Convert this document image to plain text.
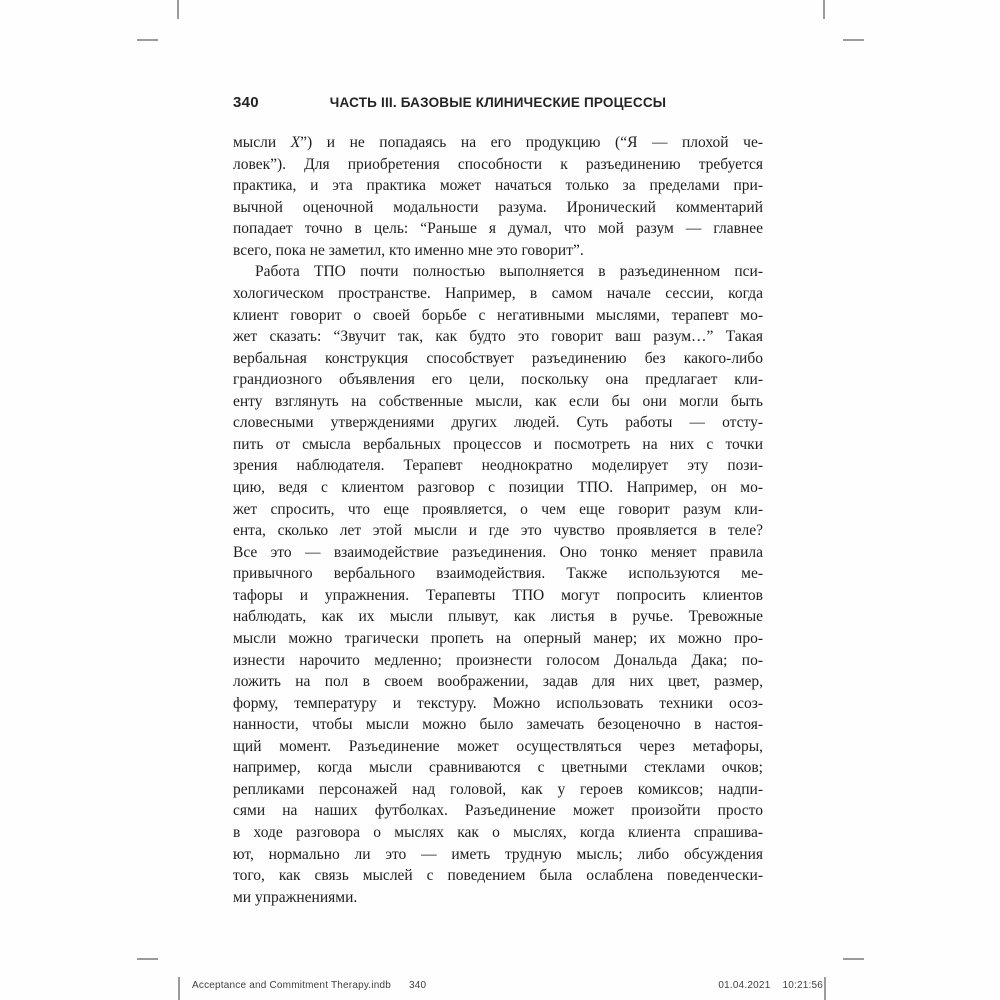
340	ЧАСТЬ III. БАЗОВЫЕ КЛИНИЧЕСКИЕ ПРОЦЕССЫ
мысли X”) и не попадаясь на его продукцию (“Я — плохой че-
ловек”). Для приобретения способности к разъединению требуется
практика, и эта практика может начаться только за пределами при-
вычной оценочной модальности разума. Иронический комментарий
попадает точно в цель: “Раньше я думал, что мой разум — главнее
всего, пока не заметил, кто именно мне это говорит”.
Работа ТПО почти полностью выполняется в разъединенном пси-
хологическом пространстве. Например, в самом начале сессии, когда
клиент говорит о своей борьбе с негативными мыслями, терапевт мо-
жет сказать: “Звучит так, как будто это говорит ваш разум…” Такая
вербальная конструкция способствует разъединению без какого-либо
грандиозного объявления его цели, поскольку она предлагает кли-
енту взглянуть на собственные мысли, как если бы они могли быть
словесными утверждениями других людей. Суть работы — отсту-
пить от смысла вербальных процессов и посмотреть на них с точки
зрения наблюдателя. Терапевт неоднократно моделирует эту пози-
цию, ведя с клиентом разговор с позиции ТПО. Например, он мо-
жет спросить, что еще проявляется, о чем еще говорит разум кли-
ента, сколько лет этой мысли и где это чувство проявляется в теле?
Все это — взаимодействие разъединения. Оно тонко меняет правила
привычного вербального взаимодействия. Также используются ме-
тафоры и упражнения. Терапевты ТПО могут попросить клиентов
наблюдать, как их мысли плывут, как листья в ручье. Тревожные
мысли можно трагически пропеть на оперный манер; их можно про-
изнести нарочито медленно; произнести голосом Дональда Дака; по-
ложить на пол в своем воображении, задав для них цвет, размер,
форму, температуру и текстуру. Можно использовать техники осоз-
нанности, чтобы мысли можно было замечать безоценочно в настоя-
щий момент. Разъединение может осуществляться через метафоры,
например, когда мысли сравниваются с цветными стеклами очков;
репликами персонажей над головой, как у героев комиксов; надпи-
сями на наших футболках. Разъединение может произойти просто
в ходе разговора о мыслях как о мыслях, когда клиента спрашива-
ют, нормально ли это — иметь трудную мысль; либо обсуждения
того, как связь мыслей с поведением была ослаблена поведенчески-
ми упражнениями.
Acceptance and Commitment Therapy.indb 340	01.04.2021 10:21:56
